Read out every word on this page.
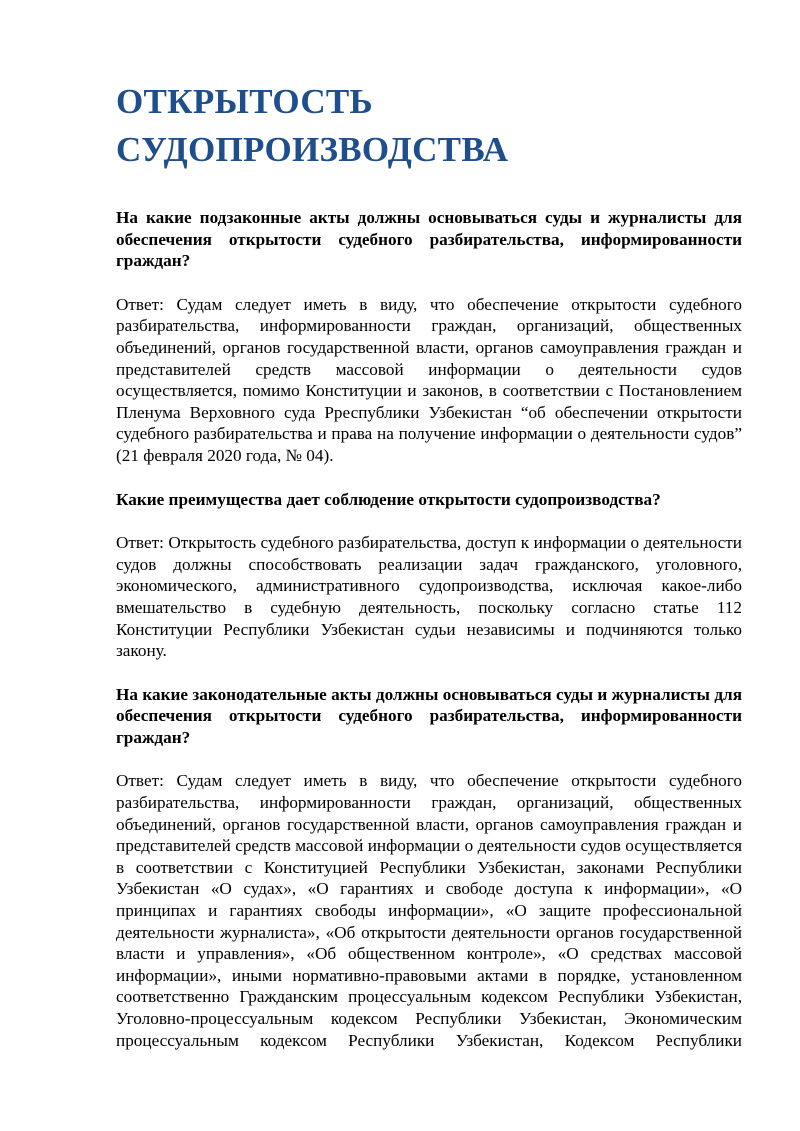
ОТКРЫТОСТЬ
СУДОПРОИЗВОДСТВА

На какие подзаконные акты должны основываться суды и журналисты для обеспечения открытости судебного разбирательства, информированности граждан?

Ответ: Судам следует иметь в виду, что обеспечение открытости судебного разбирательства, информированности граждан, организаций, общественных объединений, органов государственной власти, органов самоуправления граждан и представителей средств массовой информации о деятельности судов осуществляется, помимо Конституции и законов, в соответствии с Постановлением Пленума Верховного суда Рреспублики Узбекистан “об обеспечении открытости судебного разбирательства и права на получение информации о деятельности судов” (21 февраля 2020 года, № 04).

Какие преимущества дает соблюдение открытости судопроизводства?

Ответ: Открытость судебного разбирательства, доступ к информации о деятельности судов должны способствовать реализации задач гражданского, уголовного, экономического, административного судопроизводства, исключая какое-либо вмешательство в судебную деятельность, поскольку согласно статье 112 Конституции Республики Узбекистан судьи независимы и подчиняются только закону.

На какие законодательные акты должны основываться суды и журналисты для обеспечения открытости судебного разбирательства, информированности граждан?

Ответ: Судам следует иметь в виду, что обеспечение открытости судебного разбирательства, информированности граждан, организаций, общественных объединений, органов государственной власти, органов самоуправления граждан и представителей средств массовой информации о деятельности судов осуществляется в соответствии с Конституцией Республики Узбекистан, законами Республики Узбекистан «О судах», «О гарантиях и свободе доступа к информации», «О принципах и гарантиях свободы информации», «О защите профессиональной деятельности журналиста», «Об открытости деятельности органов государственной власти и управления», «Об общественном контроле», «О средствах массовой информации», иными нормативно-правовыми актами в порядке, установленном соответственно Гражданским процессуальным кодексом Республики Узбекистан, Уголовно-процессуальным кодексом Республики Узбекистан, Экономическим процессуальным кодексом Республики Узбекистан, Кодексом Республики
